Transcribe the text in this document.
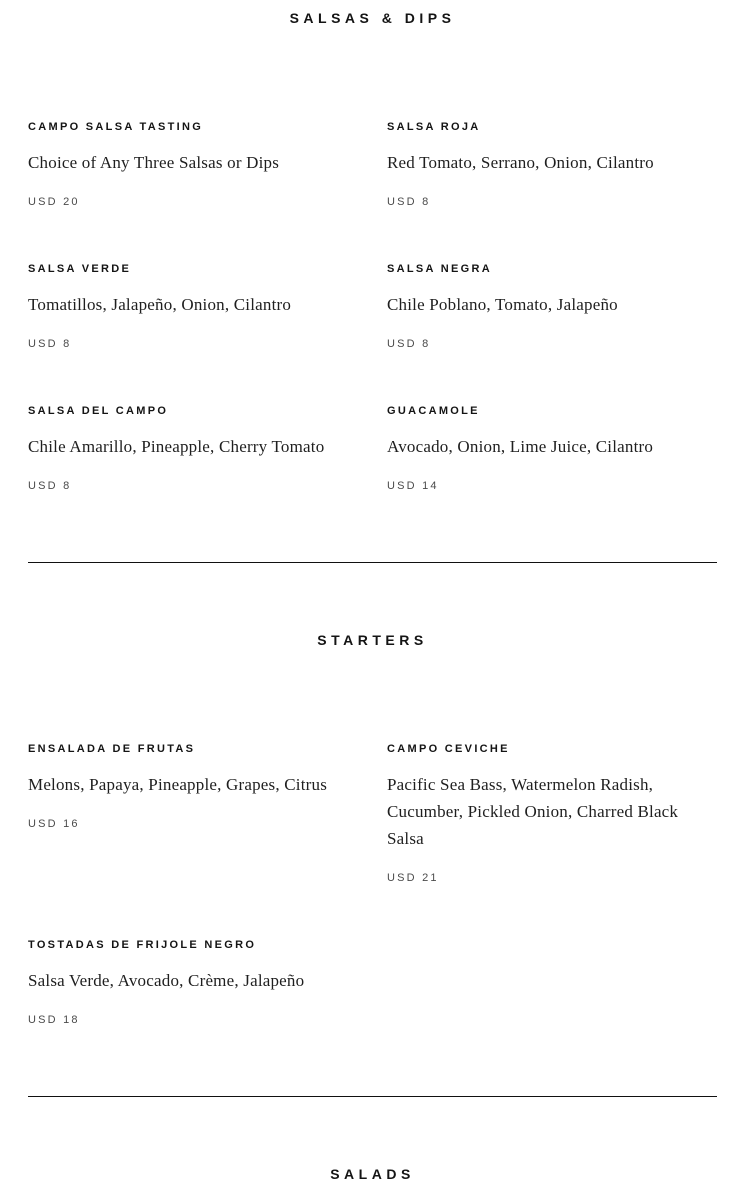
SALSAS & DIPS
CAMPO SALSA TASTING
Choice of Any Three Salsas or Dips
USD 20
SALSA ROJA
Red Tomato, Serrano, Onion, Cilantro
USD 8
SALSA VERDE
Tomatillos, Jalapeño, Onion, Cilantro
USD 8
SALSA NEGRA
Chile Poblano, Tomato, Jalapeño
USD 8
SALSA DEL CAMPO
Chile Amarillo, Pineapple, Cherry Tomato
USD 8
GUACAMOLE
Avocado, Onion, Lime Juice, Cilantro
USD 14
STARTERS
ENSALADA DE FRUTAS
Melons, Papaya, Pineapple, Grapes, Citrus
USD 16
CAMPO CEVICHE
Pacific Sea Bass, Watermelon Radish, Cucumber, Pickled Onion, Charred Black Salsa
USD 21
TOSTADAS DE FRIJOLE NEGRO
Salsa Verde, Avocado, Crème, Jalapeño
USD 18
SALADS
